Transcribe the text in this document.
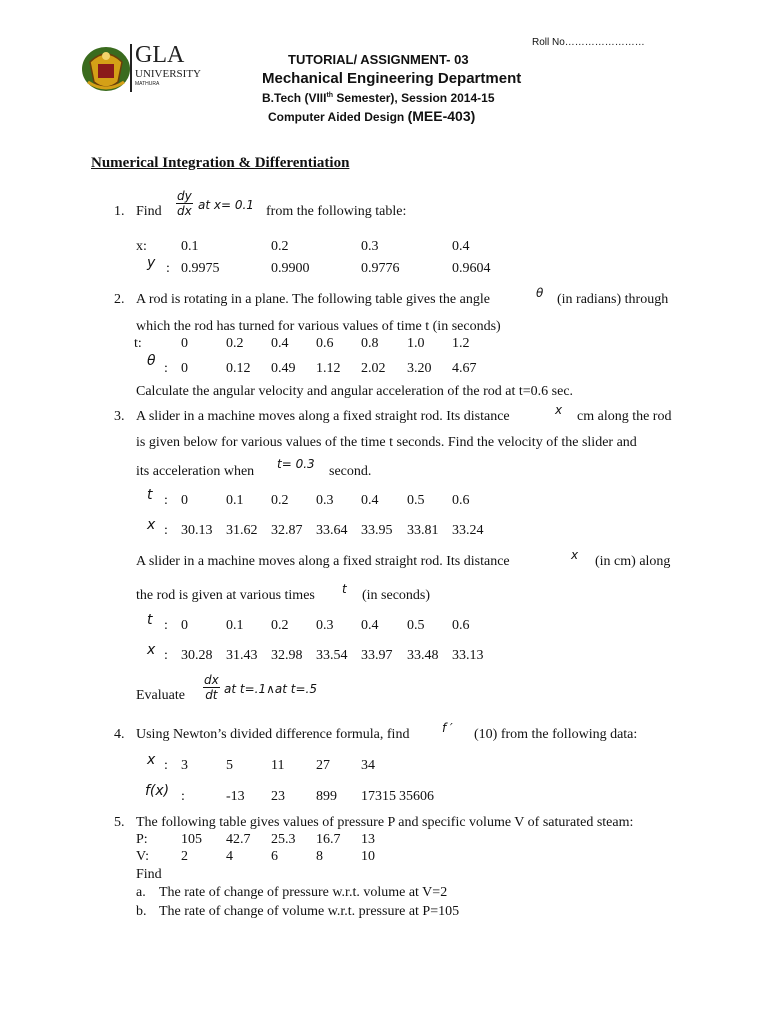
Roll No……………………
GLA
UNIVERSITY
MATHURA
TUTORIAL/ ASSIGNMENT- 03
Mechanical Engineering Department
B.Tech (VIIIth Semester), Session 2014-15
Computer Aided Design (MEE-403)
Numerical Integration & Differentiation
1. Find $\frac{dy}{dx}$ at x= 0.1 from the following table:
x: 0.1	0.2	0.3	0.4
y : 0.9975	0.9900	0.9776	0.9604
2. A rod is rotating in a plane. The following table gives the angle	θ (in radians) through
which the rod has turned for various values of time t (in seconds)
t:	0	0.2 0.4 0.6 0.8 1.0 1.2
θ : 0	0.12 0.49 1.12 2.02 3.20 4.67
Calculate the angular velocity and angular acceleration of the rod at t=0.6 sec.
3. A slider in a machine moves along a fixed straight rod. Its distance	x cm along the rod
is given below for various values of the time t seconds. Find the velocity of the slider and
its acceleration when t= 0.3 second.
t : 0	0.1 0.2 0.3 0.4 0.5 0.6
x : 30.13 31.62 32.87 33.64 33.95 33.81 33.24
A slider in a machine moves along a fixed straight rod. Its distance	x (in cm) along
the rod is given at various times t (in seconds)
t : 0	0.1 0.2 0.3 0.4 0.5 0.6
x : 30.28 31.43 32.98 33.54 33.97 33.48 33.13
Evaluate $\frac{dx}{dt}$ at t=.1∧at t=.5
4. Using Newton’s divided difference formula, find	f ′ (10) from the following data:
x : 3	5	11 27 34
f(x) :	-13 23 899 17315 35606
5. The following table gives values of pressure P and specific volume V of saturated steam:
P: 105 42.7 25.3 16.7 13
V: 2	4	6	8	10
Find
a. The rate of change of pressure w.r.t. volume at V=2
b. The rate of change of volume w.r.t. pressure at P=105
